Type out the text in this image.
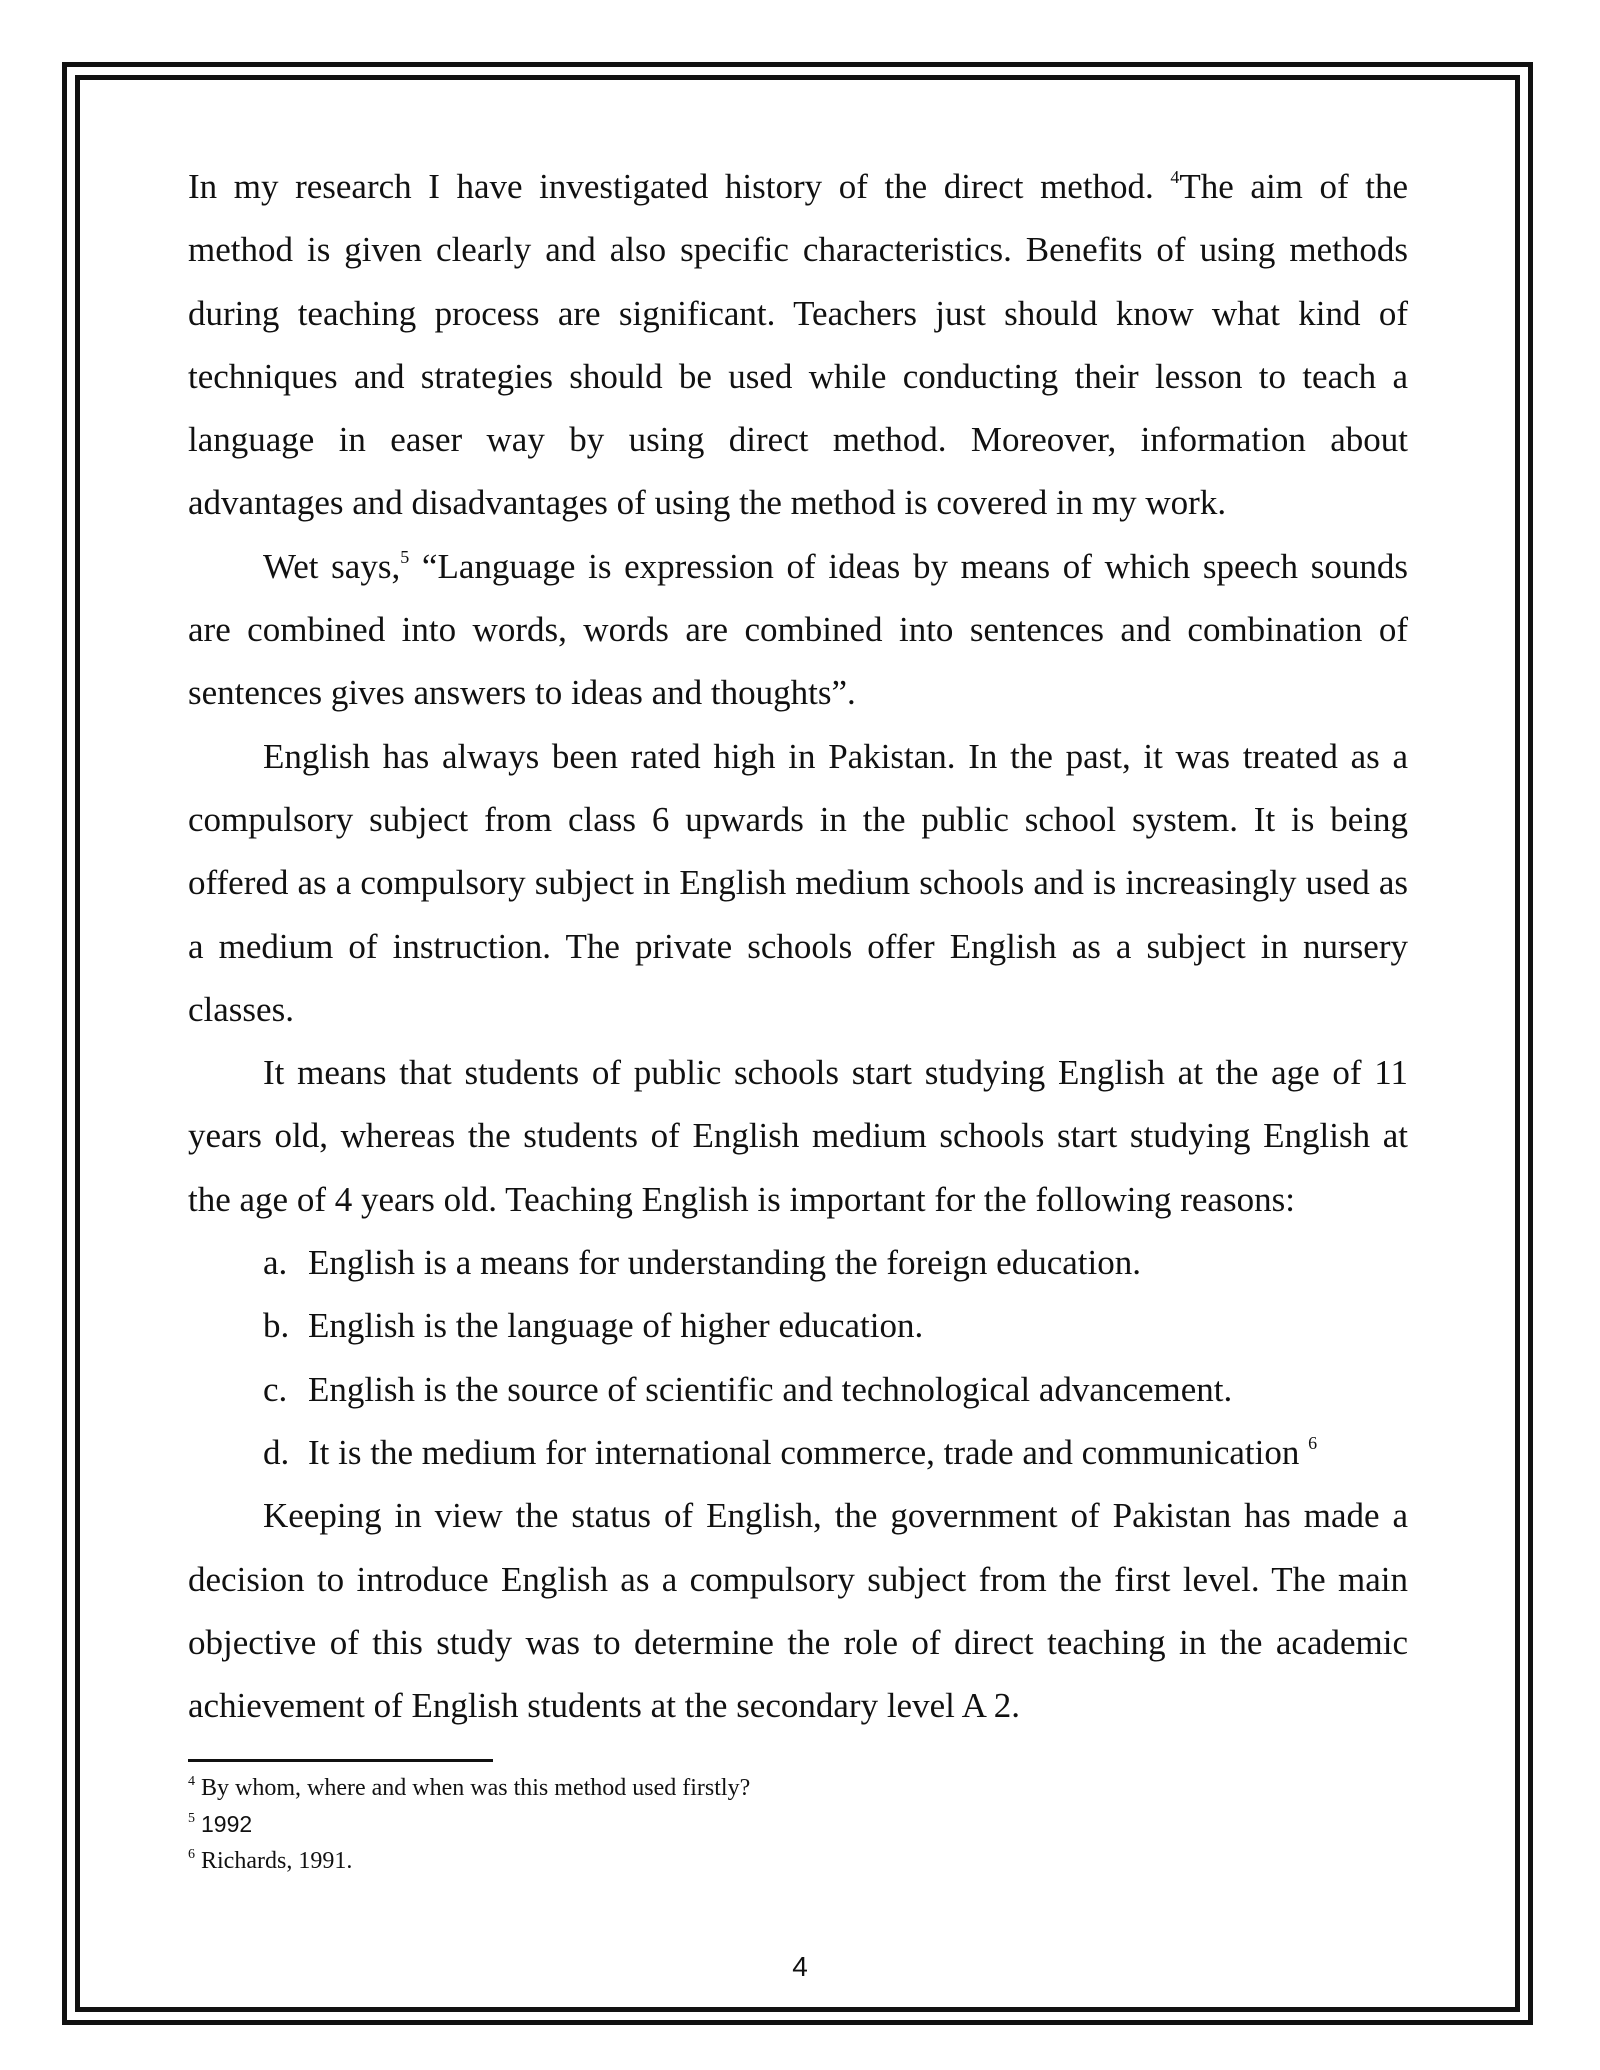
In my research I have investigated history of the direct method. $^4$The aim of the method is given clearly and also specific characteristics. Benefits of using methods during teaching process are significant. Teachers just should know what kind of techniques and strategies should be used while conducting their lesson to teach a language in easer way by using direct method. Moreover, information about advantages and disadvantages of using the method is covered in my work.

Wet says,$^5$ “Language is expression of ideas by means of which speech sounds are combined into words, words are combined into sentences and combination of sentences gives answers to ideas and thoughts”.

English has always been rated high in Pakistan. In the past, it was treated as a compulsory subject from class 6 upwards in the public school system. It is being offered as a compulsory subject in English medium schools and is increasingly used as a medium of instruction. The private schools offer English as a subject in nursery classes.

It means that students of public schools start studying English at the age of 11 years old, whereas the students of English medium schools start studying English at the age of 4 years old. Teaching English is important for the following reasons:

a. English is a means for understanding the foreign education.
b. English is the language of higher education.
c. English is the source of scientific and technological advancement.
d. It is the medium for international commerce, trade and communication $^6$

Keeping in view the status of English, the government of Pakistan has made a decision to introduce English as a compulsory subject from the first level. The main objective of this study was to determine the role of direct teaching in the academic achievement of English students at the secondary level A 2.

$^4$ By whom, where and when was this method used firstly?

$^5$ 1992

$^6$ Richards, 1991.

4
